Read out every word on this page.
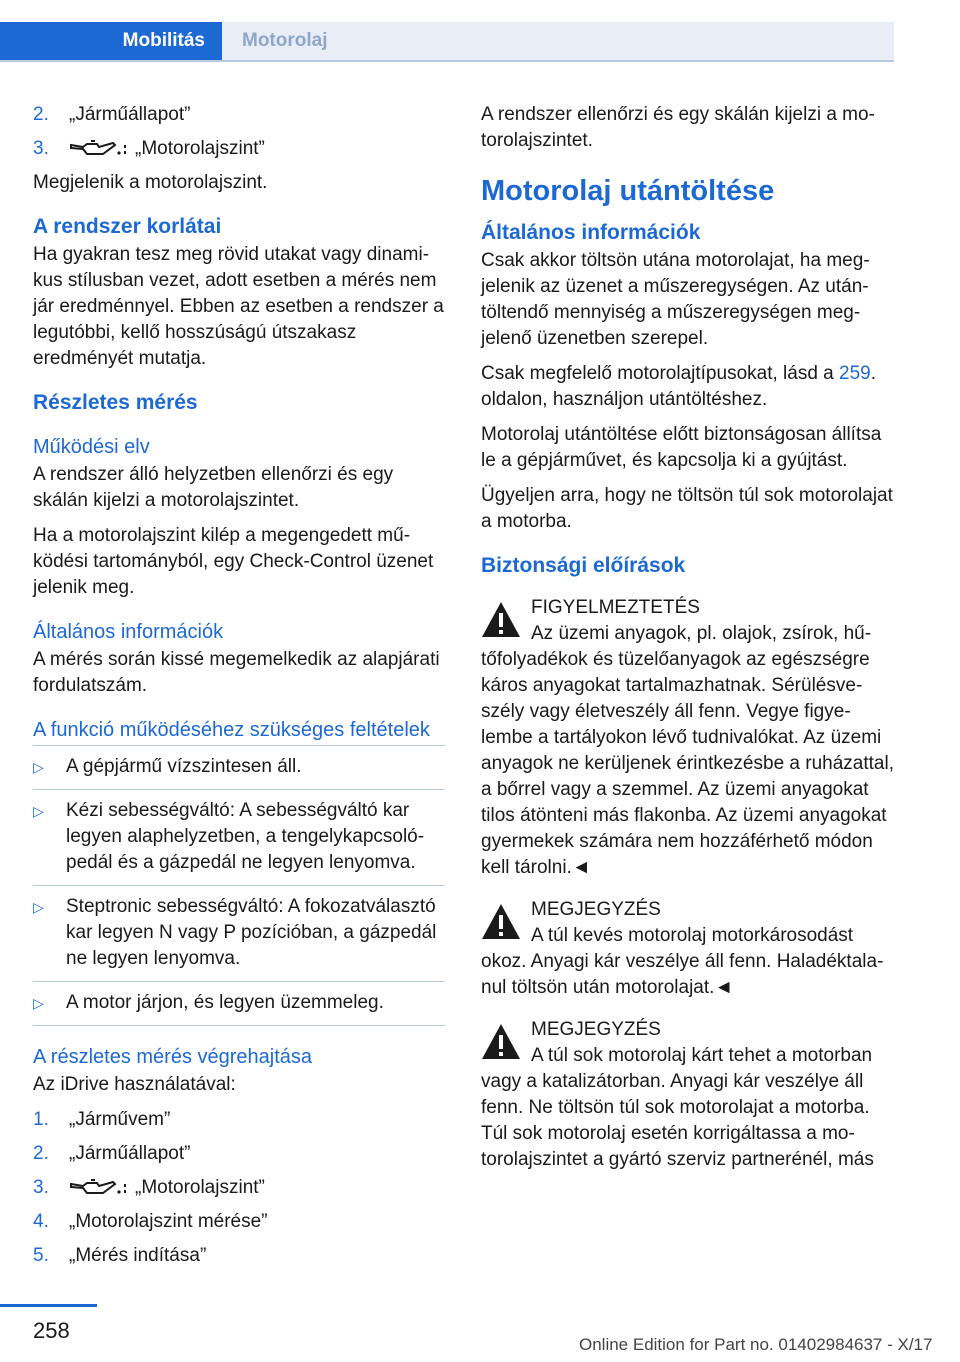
Mobilitás	Motorolaj
2.	„Járműállapot”
3.	„Motorolajszint”

Megjelenik a motorolajszint.

A rendszer korlátai

Ha gyakran tesz meg rövid utakat vagy dinamikus stílusban vezet, adott esetben a mérés nem jár eredménnyel. Ebben az esetben a rendszer a legutóbbi, kellő hosszúságú útszakasz eredményét mutatja.

Részletes mérés
Működési elv

A rendszer álló helyzetben ellenőrzi és egy skálán kijelzi a motorolajszintet.

Ha a motorolajszint kilép a megengedett működési tartományból, egy Check-Control üzenet jelenik meg.

Általános információk

A mérés során kissé megemelkedik az alapjárati fordulatszám.

A funkció működéséhez szükséges feltételek
▷	A gépjármű vízszintesen áll.
▷	Kézi sebességváltó: A sebességváltó kar legyen alaphelyzetben, a tengelykapcsolópedál és a gázpedál ne legyen lenyomva.
▷	Steptronic sebességváltó: A fokozatválasztó kar legyen N vagy P pozícióban, a gázpedál ne legyen lenyomva.
▷	A motor járjon, és legyen üzemmeleg.
A részletes mérés végrehajtása

Az iDrive használatával:

1.	„Járművem”
2.	„Járműállapot”
3.	„Motorolajszint”
4.	„Motorolajszint mérése”
5.	„Mérés indítása”

A rendszer ellenőrzi és egy skálán kijelzi a motorolajszintet.

Motorolaj utántöltése
Általános információk

Csak akkor töltsön utána motorolajat, ha megjelenik az üzenet a műszeregységen. Az utántöltendő mennyiség a műszeregységen megjelenő üzenetben szerepel.

Csak megfelelő motorolajtípusokat, lásd a 259. oldalon, használjon utántöltéshez.

Motorolaj utántöltése előtt biztonságosan állítsa le a gépjárművet, és kapcsolja ki a gyújtást.

Ügyeljen arra, hogy ne töltsön túl sok motorolajat a motorba.

Biztonsági előírások
FIGYELMEZTETÉS
Az üzemi anyagok, pl. olajok, zsírok, hűtőfolyadékok és tüzelőanyagok az egészségre káros anyagokat tartalmazhatnak. Sérülésveszély vagy életveszély áll fenn. Vegye figyelembe a tartályokon lévő tudnivalókat. Az üzemi anyagok ne kerüljenek érintkezésbe a ruházattal, a bőrrel vagy a szemmel. Az üzemi anyagokat tilos átönteni más flakonba. Az üzemi anyagokat gyermekek számára nem hozzáférhető módon kell tárolni.◄
MEGJEGYZÉS
A túl kevés motorolaj motorkárosodást okoz. Anyagi kár veszélye áll fenn. Haladéktalanul töltsön után motorolajat.◄
MEGJEGYZÉS
A túl sok motorolaj kárt tehet a motorban vagy a katalizátorban. Anyagi kár veszélye áll fenn. Ne töltsön túl sok motorolajat a motorba. Túl sok motorolaj esetén korrigáltassa a motorolajszintet a gyártó szerviz partnerénél, más
258
Online Edition for Part no. 01402984637 - X/17
